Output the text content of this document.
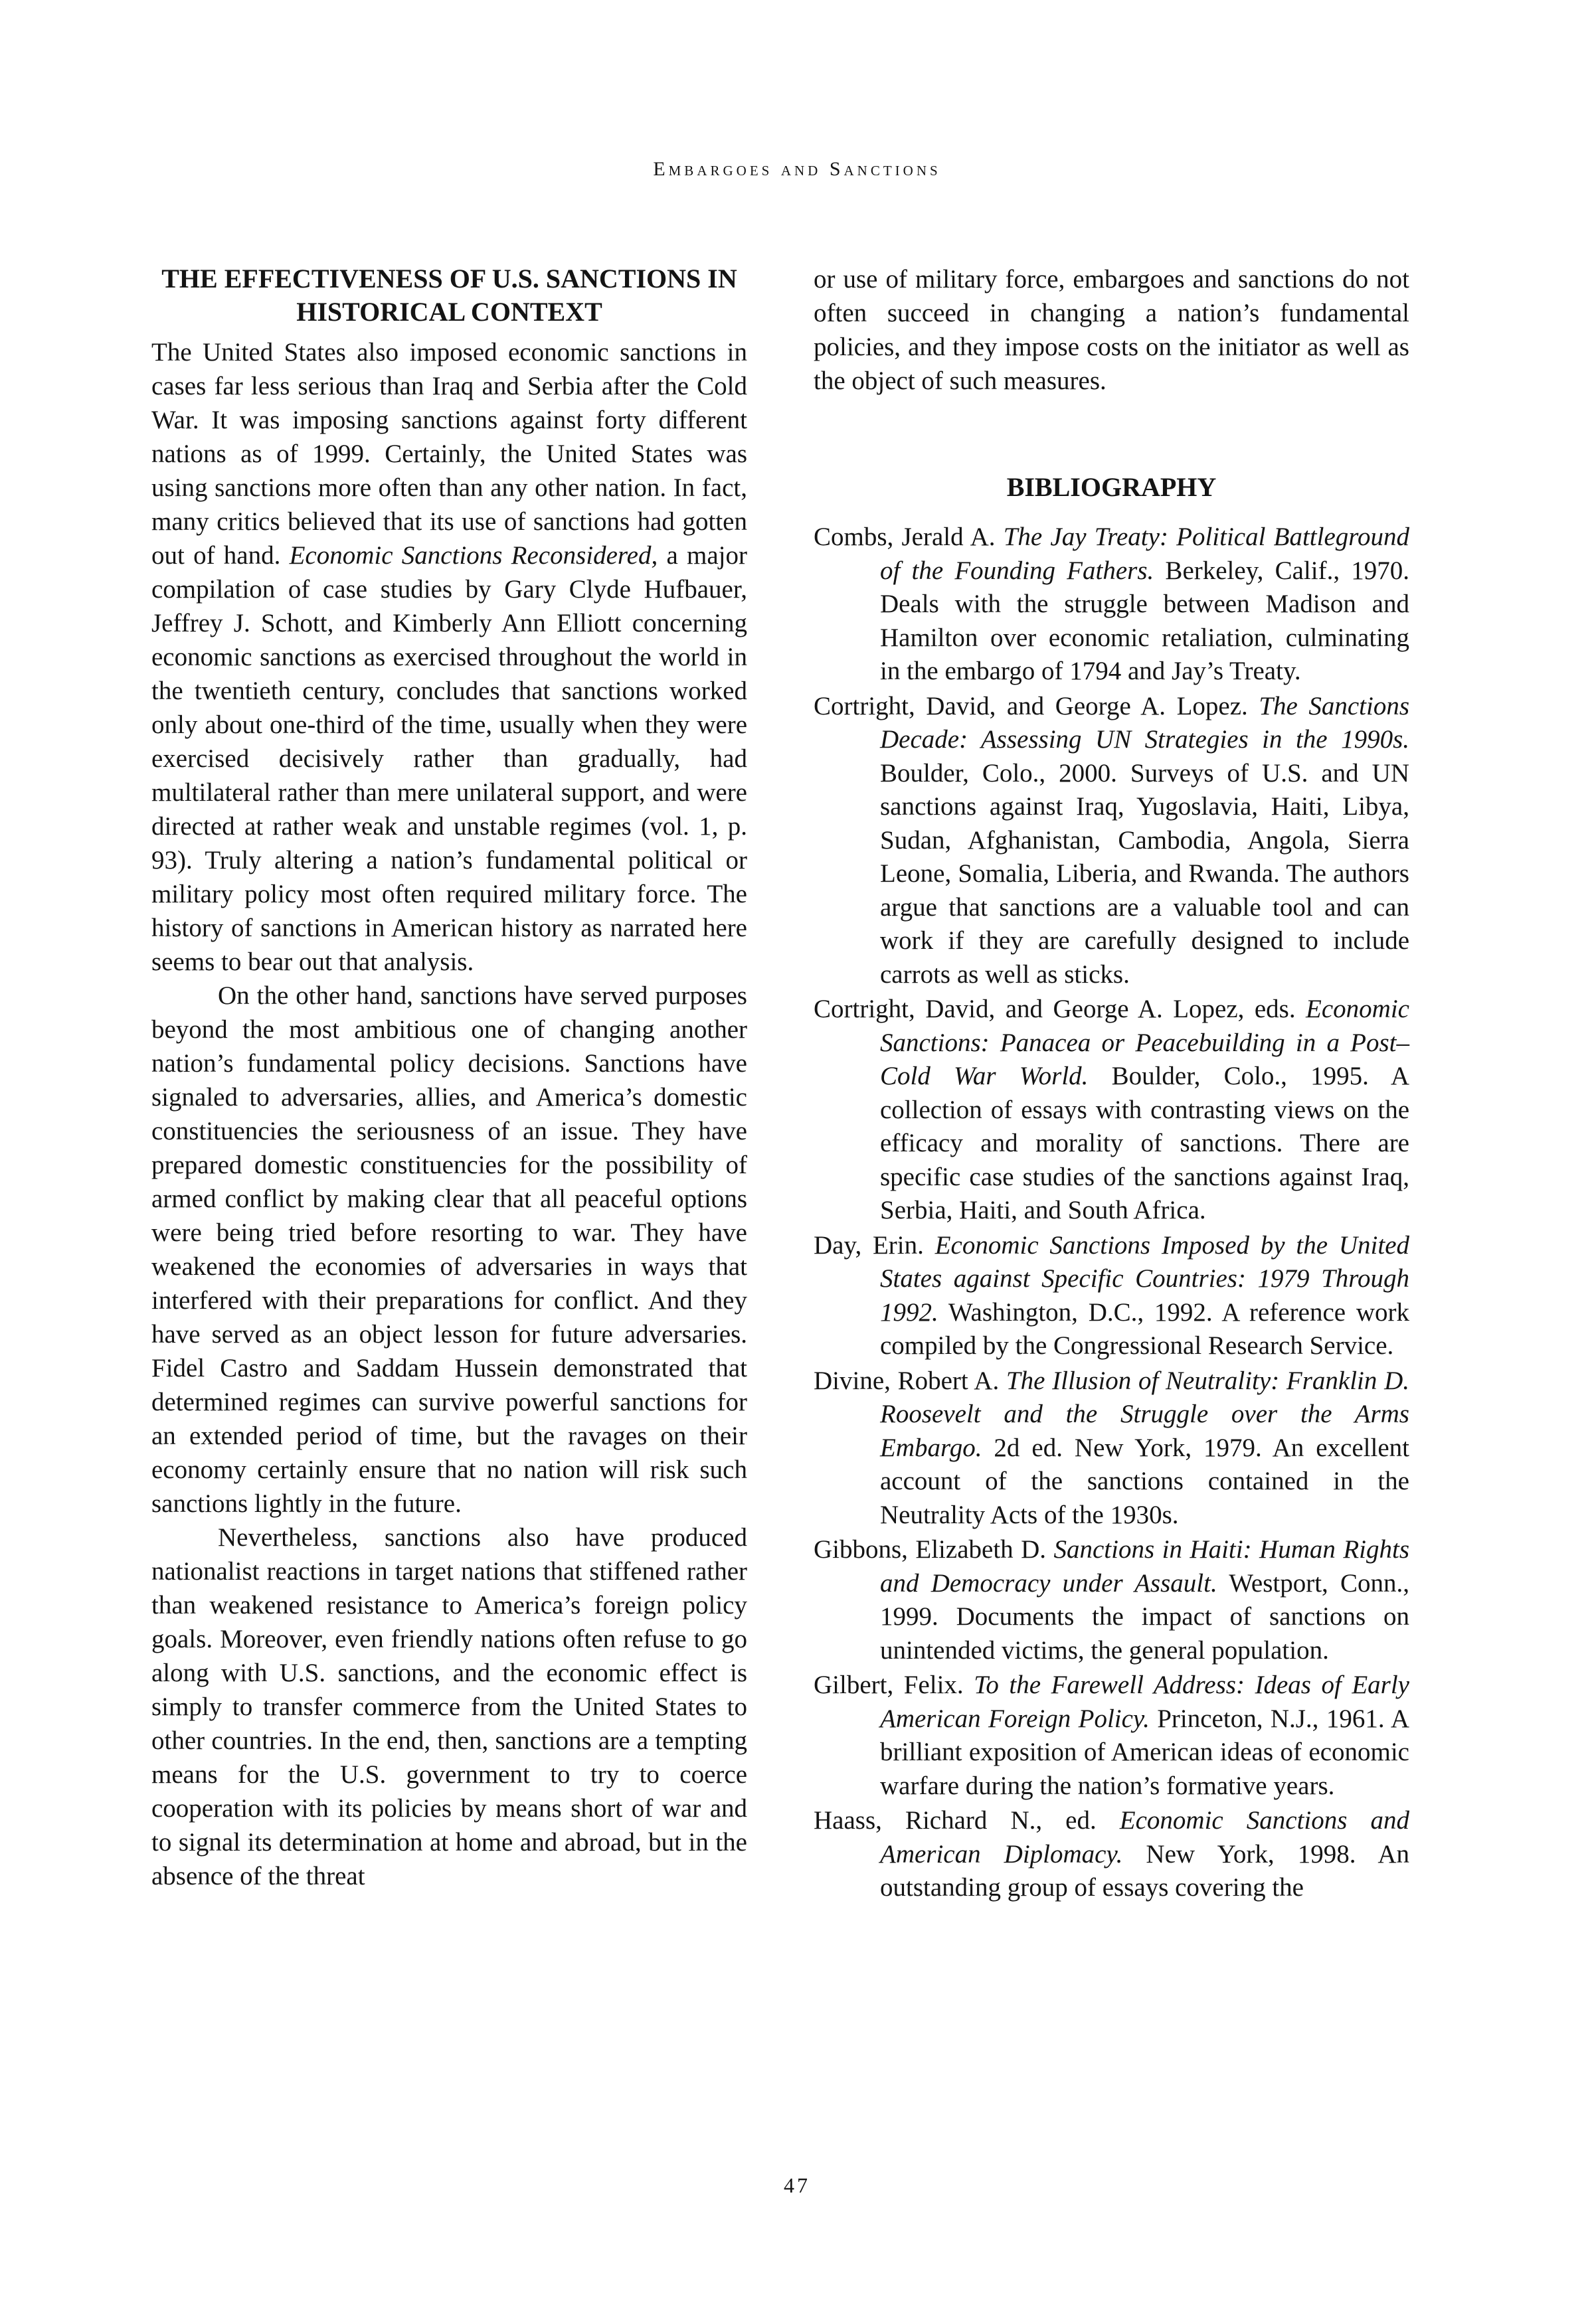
Embargoes and Sanctions
THE EFFECTIVENESS OF U.S. SANCTIONS IN HISTORICAL CONTEXT

The United States also imposed economic sanctions in cases far less serious than Iraq and Serbia after the Cold War. It was imposing sanctions against forty different nations as of 1999. Certainly, the United States was using sanctions more often than any other nation. In fact, many critics believed that its use of sanctions had gotten out of hand. Economic Sanctions Reconsidered, a major compilation of case studies by Gary Clyde Hufbauer, Jeffrey J. Schott, and Kimberly Ann Elliott concerning economic sanctions as exercised throughout the world in the twentieth century, concludes that sanctions worked only about one-third of the time, usually when they were exercised decisively rather than gradually, had multilateral rather than mere unilateral support, and were directed at rather weak and unstable regimes (vol. 1, p. 93). Truly altering a nation’s fundamental political or military policy most often required military force. The history of sanctions in American history as narrated here seems to bear out that analysis.

On the other hand, sanctions have served purposes beyond the most ambitious one of changing another nation’s fundamental policy decisions. Sanctions have signaled to adversaries, allies, and America’s domestic constituencies the seriousness of an issue. They have prepared domestic constituencies for the possibility of armed conflict by making clear that all peaceful options were being tried before resorting to war. They have weakened the economies of adversaries in ways that interfered with their preparations for conflict. And they have served as an object lesson for future adversaries. Fidel Castro and Saddam Hussein demonstrated that determined regimes can survive powerful sanctions for an extended period of time, but the ravages on their economy certainly ensure that no nation will risk such sanctions lightly in the future.

Nevertheless, sanctions also have produced nationalist reactions in target nations that stiffened rather than weakened resistance to America’s foreign policy goals. Moreover, even friendly nations often refuse to go along with U.S. sanctions, and the economic effect is simply to transfer commerce from the United States to other countries. In the end, then, sanctions are a tempting means for the U.S. government to try to coerce cooperation with its policies by means short of war and to signal its determination at home and abroad, but in the absence of the threat

or use of military force, embargoes and sanctions do not often succeed in changing a nation’s fundamental policies, and they impose costs on the initiator as well as the object of such measures.

BIBLIOGRAPHY

Combs, Jerald A. The Jay Treaty: Political Battleground of the Founding Fathers. Berkeley, Calif., 1970. Deals with the struggle between Madison and Hamilton over economic retaliation, culminating in the embargo of 1794 and Jay’s Treaty.

Cortright, David, and George A. Lopez. The Sanctions Decade: Assessing UN Strategies in the 1990s. Boulder, Colo., 2000. Surveys of U.S. and UN sanctions against Iraq, Yugoslavia, Haiti, Libya, Sudan, Afghanistan, Cambodia, Angola, Sierra Leone, Somalia, Liberia, and Rwanda. The authors argue that sanctions are a valuable tool and can work if they are carefully designed to include carrots as well as sticks.

Cortright, David, and George A. Lopez, eds. Economic Sanctions: Panacea or Peacebuilding in a Post–Cold War World. Boulder, Colo., 1995. A collection of essays with contrasting views on the efficacy and morality of sanctions. There are specific case studies of the sanctions against Iraq, Serbia, Haiti, and South Africa.

Day, Erin. Economic Sanctions Imposed by the United States against Specific Countries: 1979 Through 1992. Washington, D.C., 1992. A reference work compiled by the Congressional Research Service.

Divine, Robert A. The Illusion of Neutrality: Franklin D. Roosevelt and the Struggle over the Arms Embargo. 2d ed. New York, 1979. An excellent account of the sanctions contained in the Neutrality Acts of the 1930s.

Gibbons, Elizabeth D. Sanctions in Haiti: Human Rights and Democracy under Assault. Westport, Conn., 1999. Documents the impact of sanctions on unintended victims, the general population.

Gilbert, Felix. To the Farewell Address: Ideas of Early American Foreign Policy. Princeton, N.J., 1961. A brilliant exposition of American ideas of economic warfare during the nation’s formative years.

Haass, Richard N., ed. Economic Sanctions and American Diplomacy. New York, 1998. An outstanding group of essays covering the

47
